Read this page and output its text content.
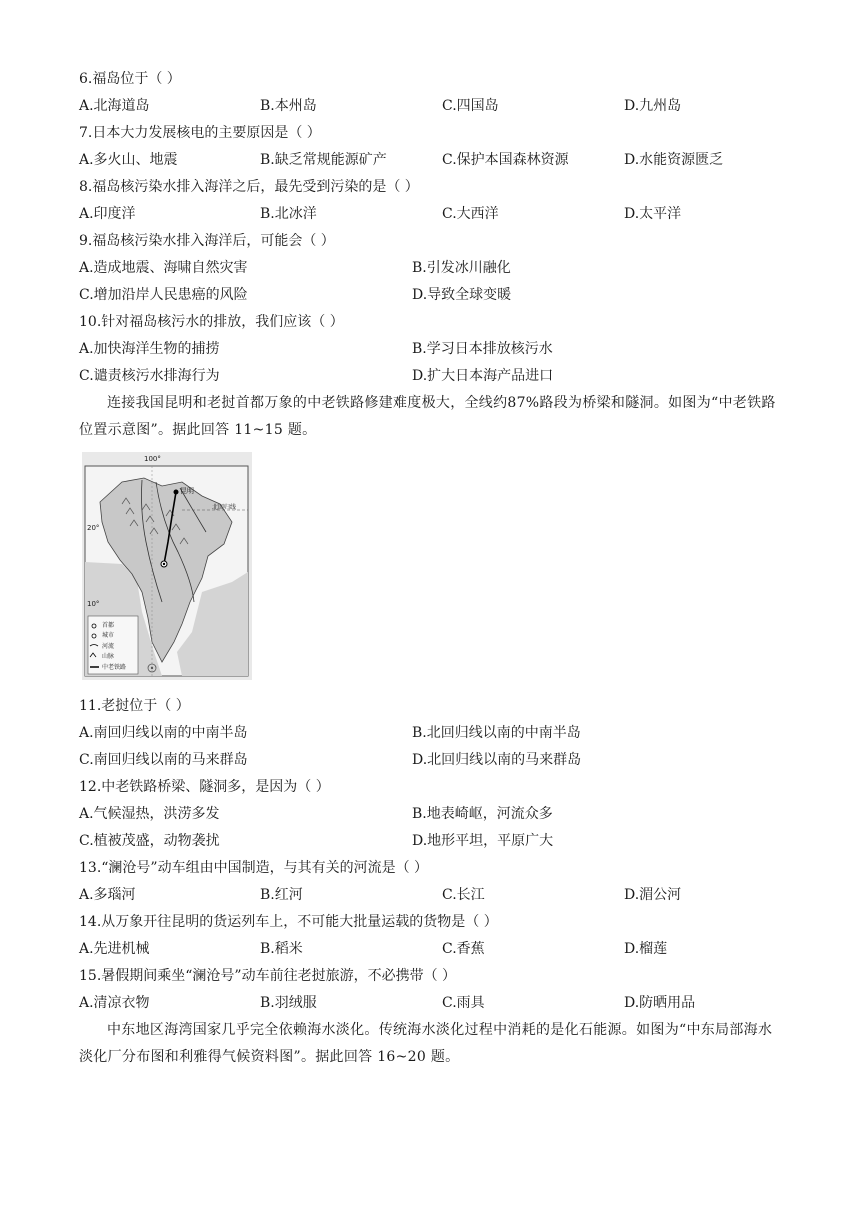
6.福岛位于（ ）
A.北海道岛	B.本州岛	C.四国岛	D.九州岛
7.日本大力发展核电的主要原因是（ ）
A.多火山、地震	B.缺乏常规能源矿产	C.保护本国森林资源	D.水能资源匮乏
8.福岛核污染水排入海洋之后，最先受到污染的是（ ）
A.印度洋	B.北冰洋	C.大西洋	D.太平洋
9.福岛核污染水排入海洋后，可能会（ ）
A.造成地震、海啸自然灾害	B.引发冰川融化
C.增加沿岸人民患癌的风险	D.导致全球变暖
10.针对福岛核污水的排放，我们应该（ ）
A.加快海洋生物的捕捞	B.学习日本排放核污水
C.谴责核污水排海行为	D.扩大日本海产品进口
连接我国昆明和老挝首都万象的中老铁路修建难度极大，全线约87%路段为桥梁和隧洞。如图为“中老铁路位置示意图”。据此回答 11~15 题。
100°
20°
10°
昆明
北回归线
首都
城市
河流
山脉
中老铁路
11.老挝位于（ ）
A.南回归线以南的中南半岛	B.北回归线以南的中南半岛
C.南回归线以南的马来群岛	D.北回归线以南的马来群岛
12.中老铁路桥梁、隧洞多，是因为（ ）
A.气候湿热，洪涝多发	B.地表崎岖，河流众多
C.植被茂盛，动物袭扰	D.地形平坦，平原广大
13.“澜沧号”动车组由中国制造，与其有关的河流是（ ）
A.多瑙河	B.红河	C.长江	D.湄公河
14.从万象开往昆明的货运列车上，不可能大批量运载的货物是（ ）
A.先进机械	B.稻米	C.香蕉	D.榴莲
15.暑假期间乘坐“澜沧号”动车前往老挝旅游，不必携带（ ）
A.清凉衣物	B.羽绒服	C.雨具	D.防晒用品
中东地区海湾国家几乎完全依赖海水淡化。传统海水淡化过程中消耗的是化石能源。如图为“中东局部海水淡化厂分布图和利雅得气候资料图”。据此回答 16~20 题。
